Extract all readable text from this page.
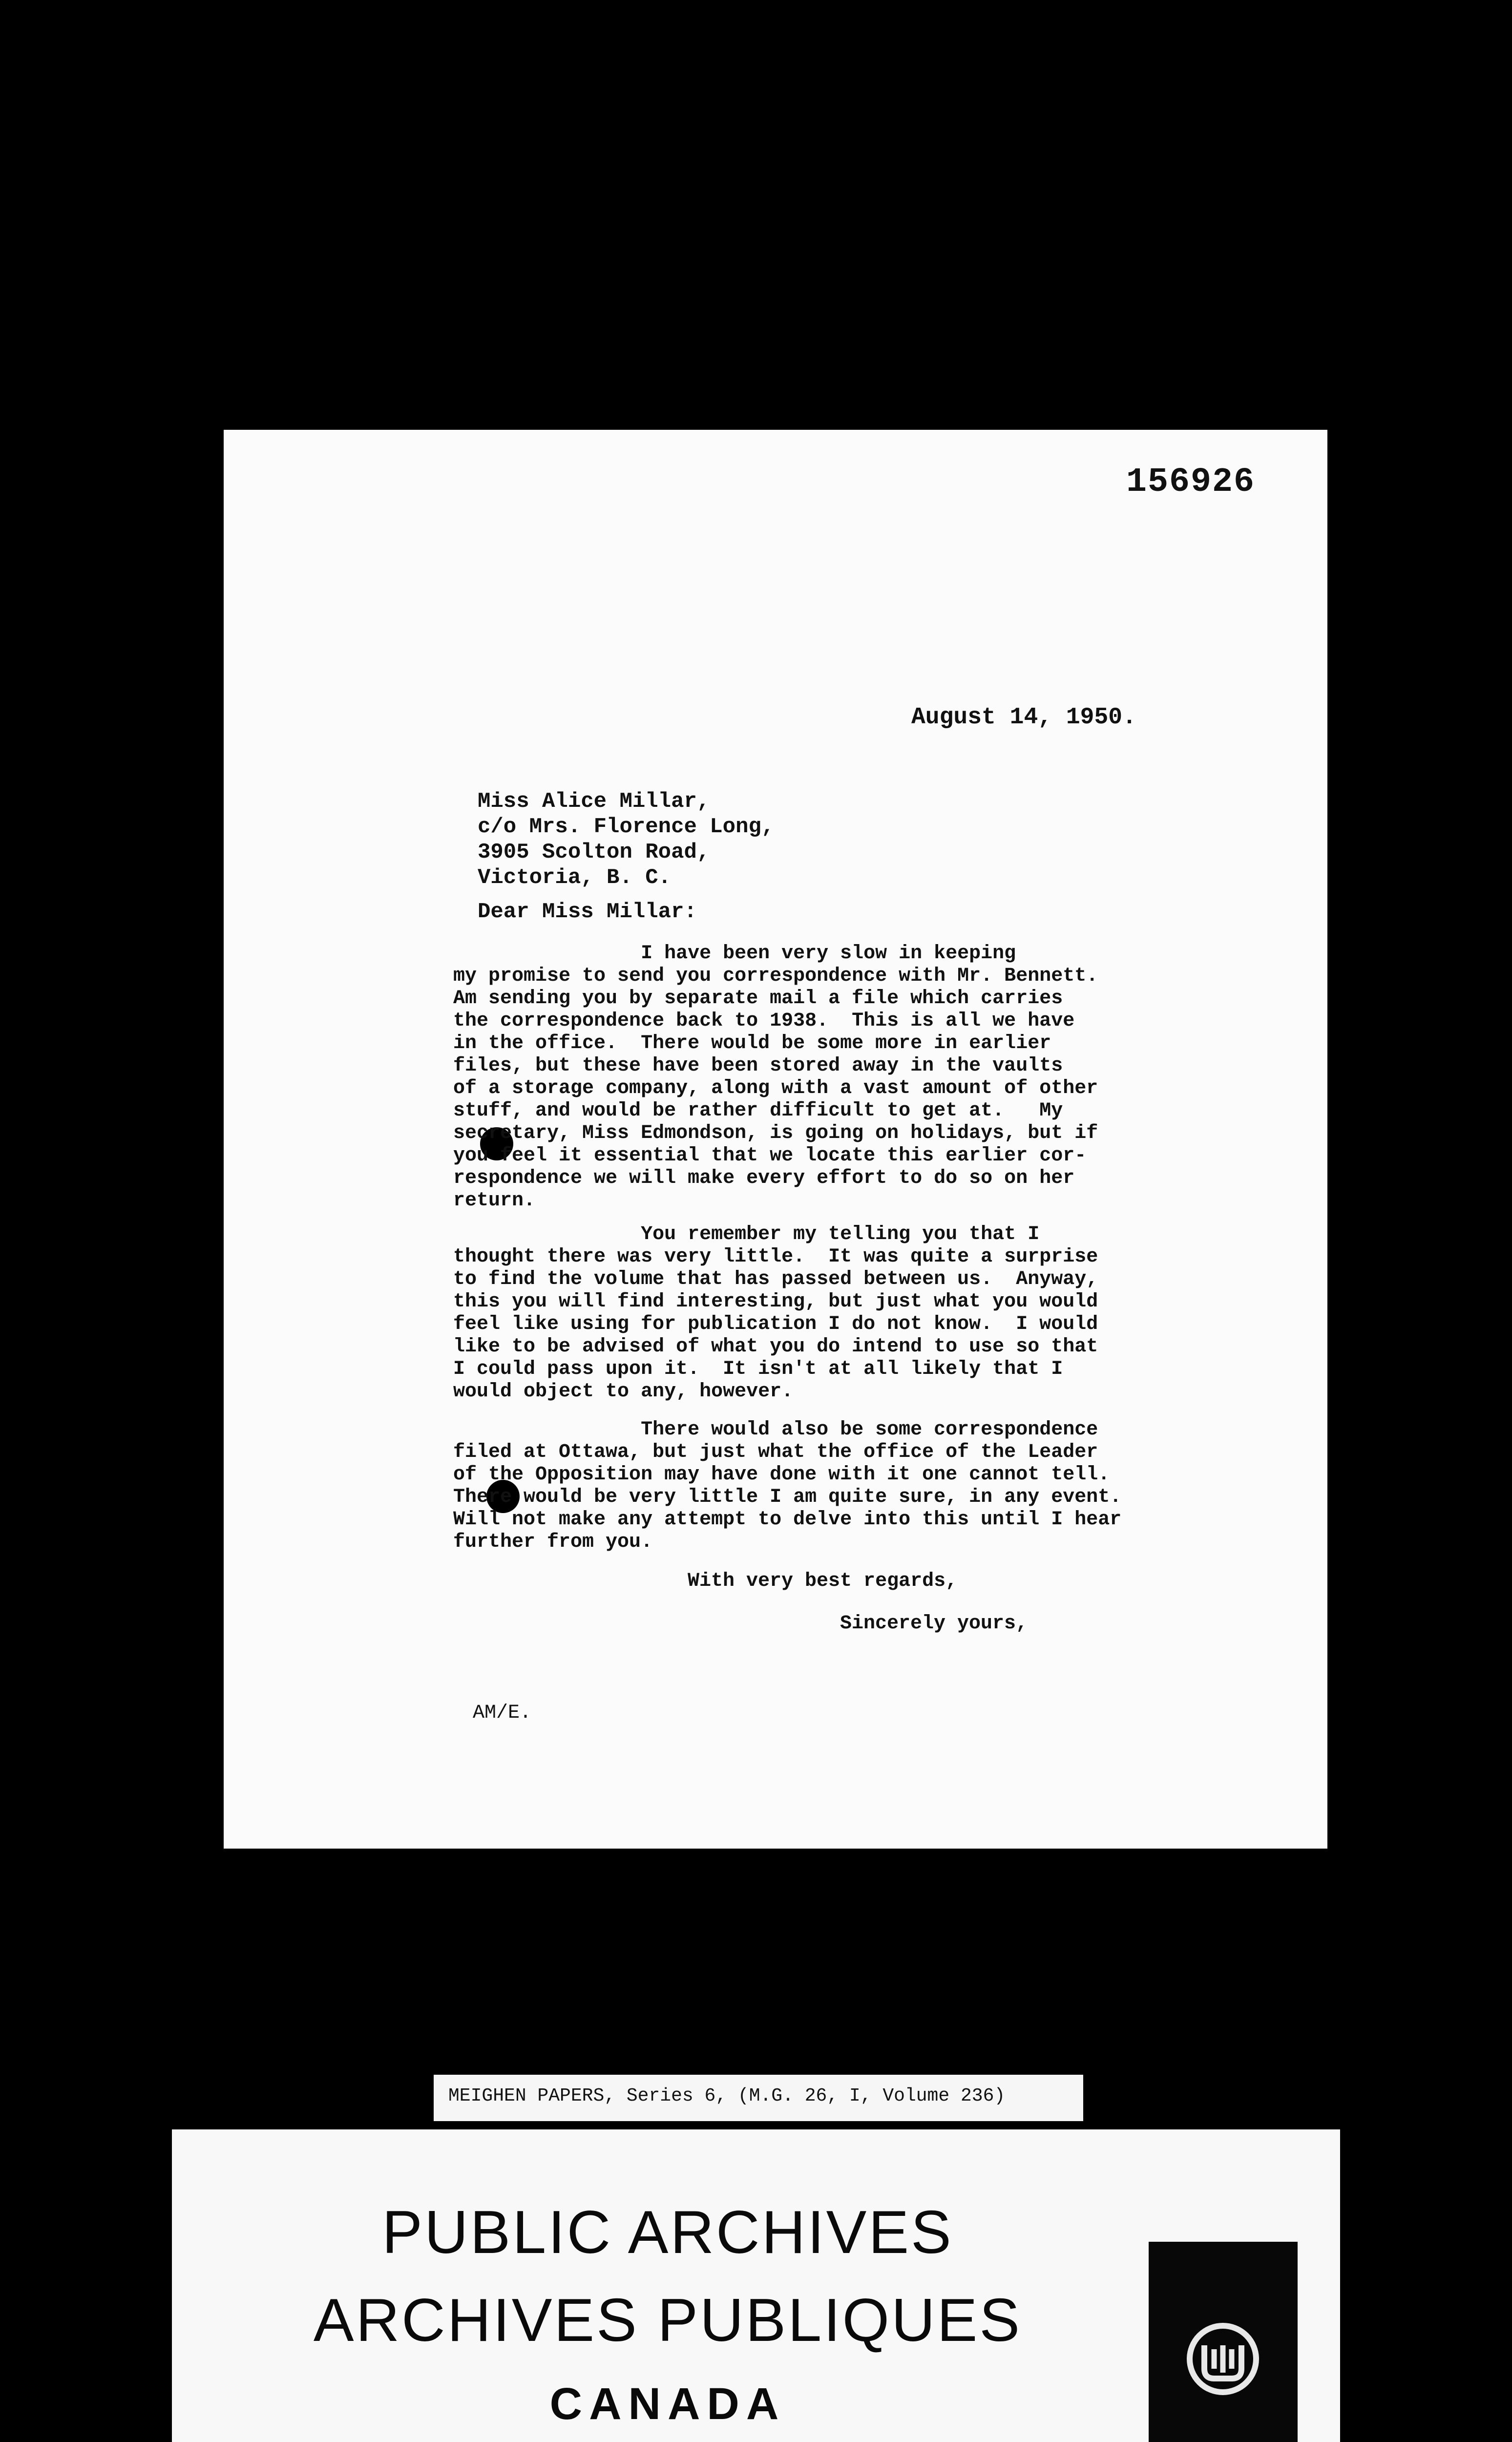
156926

August 14, 1950.

Miss Alice Millar,
c/o Mrs. Florence Long,
3905 Scolton Road,
Victoria, B. C.

Dear Miss Millar:

I have been very slow in keeping
my promise to send you correspondence with Mr. Bennett.
Am sending you by separate mail a file which carries
the correspondence back to 1938.  This is all we have
in the office.  There would be some more in earlier
files, but these have been stored away in the vaults
of a storage company, along with a vast amount of other
stuff, and would be rather difficult to get at.   My
secretary, Miss Edmondson, is going on holidays, but if
you feel it essential that we locate this earlier cor-
respondence we will make every effort to do so on her
return.
You remember my telling you that I
thought there was very little.  It was quite a surprise
to find the volume that has passed between us.  Anyway,
this you will find interesting, but just what you would
feel like using for publication I do not know.  I would
like to be advised of what you do intend to use so that
I could pass upon it.  It isn't at all likely that I
would object to any, however.
There would also be some correspondence
filed at Ottawa, but just what the office of the Leader
of the Opposition may have done with it one cannot tell.
There would be very little I am quite sure, in any event.
Will not make any attempt to delve into this until I hear
further from you.

With very best regards,

Sincerely yours,

AM/E.

MEIGHEN PAPERS, Series 6, (M.G. 26, I, Volume 236)

PUBLIC ARCHIVES

ARCHIVES PUBLIQUES

CANADA
